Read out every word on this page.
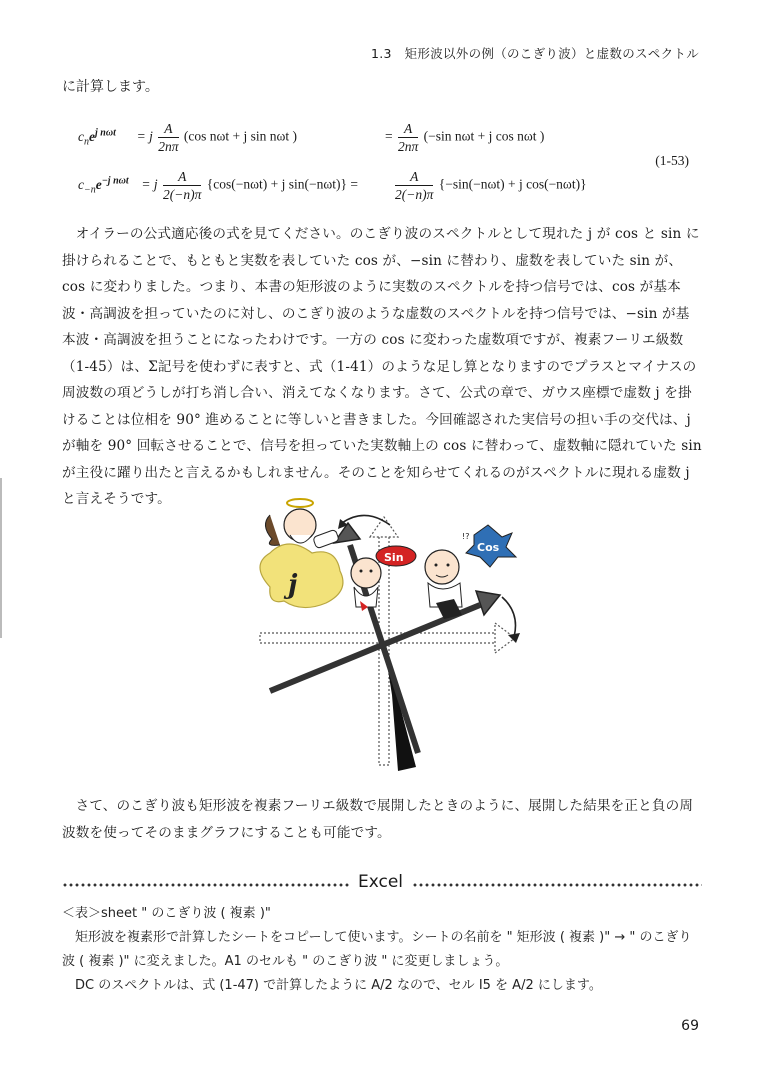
1.3　矩形波以外の例（のこぎり波）と虚数のスペクトル
に計算します。
$c_ne^{j n\omega t} = j \frac{A}{2n\pi} (\cos$ nωt + j sin nωt )	= $\frac{A}{2n\pi} (-\sin$ nωt + j cos nωt )
$c_{-n}e^{-j n\omega t} = j \frac{A}{2(-n)\pi} \{\cos(-n\omega t) + j$ sin(−nωt)} =	$\frac{A}{2(-n)\pi} \{-\sin(-n\omega t) + j$ cos(−nωt)}
(1-53)

オイラーの公式適応後の式を見てください。のこぎり波のスペクトルとして現れた j が cos と sin に掛けられることで、もともと実数を表していた cos が、−sin に替わり、虚数を表していた sin が、cos に変わりました。つまり、本書の矩形波のように実数のスペクトルを持つ信号では、cos が基本波・高調波を担っていたのに対し、のこぎり波のような虚数のスペクトルを持つ信号では、−sin が基本波・高調波を担うことになったわけです。一方の cos に変わった虚数項ですが、複素フーリエ級数（1-45）は、Σ記号を使わずに表すと、式（1-41）のような足し算となりますのでプラスとマイナスの周波数の項どうしが打ち消し合い、消えてなくなります。さて、公式の章で、ガウス座標で虚数 j を掛けることは位相を 90° 進めることに等しいと書きました。今回確認された実信号の担い手の交代は、j が軸を 90° 回転させることで、信号を担っていた実数軸上の cos に替わって、虚数軸に隠れていた sin が主役に躍り出たと言えるかもしれません。そのことを知らせてくれるのがスペクトルに現れる虚数 j と言えそうです。

j
Sin
Cos
!?

さて、のこぎり波も矩形波を複素フーリエ級数で展開したときのように、展開した結果を正と負の周波数を使ってそのままグラフにすることも可能です。

Excel

＜表＞sheet " のこぎり波 ( 複素 )"

矩形波を複素形で計算したシートをコピーして使います。シートの名前を " 矩形波 ( 複素 )" → " のこぎり波 ( 複素 )" に変えました。A1 のセルも " のこぎり波 " に変更しましょう。

DC のスペクトルは、式 (1-47) で計算したように A/2 なので、セル I5 を A/2 にします。

69
